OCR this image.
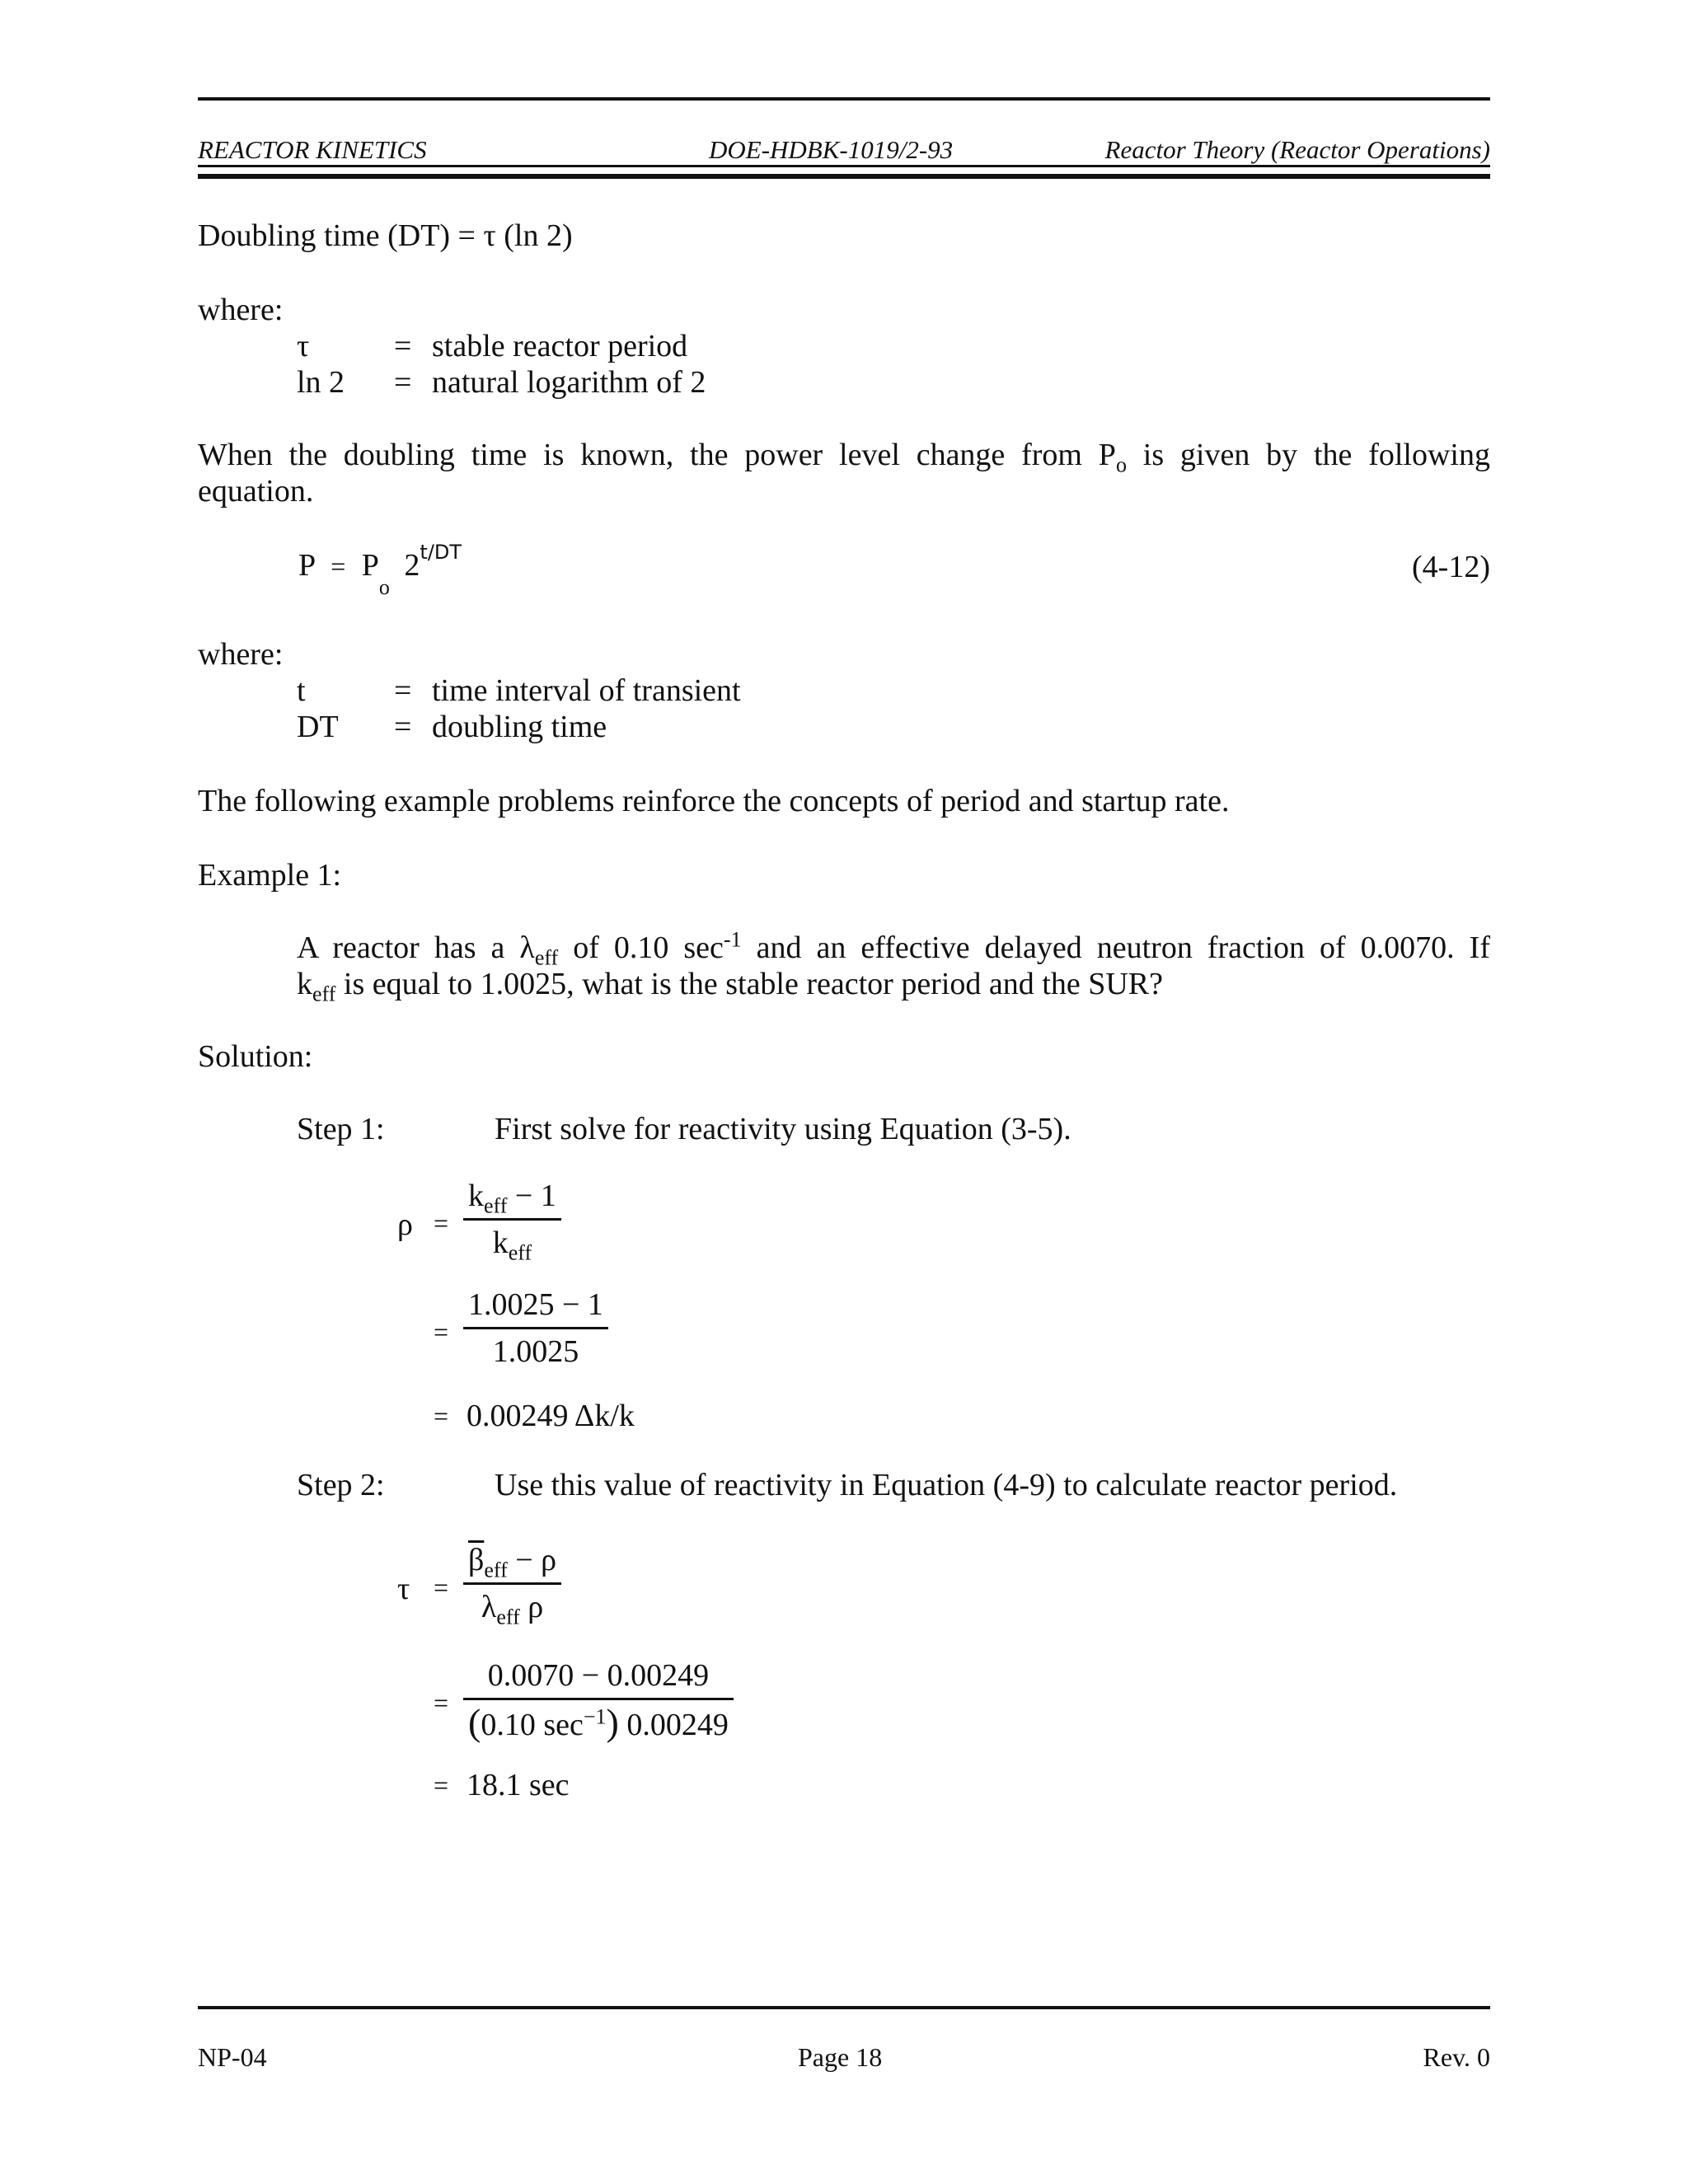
REACTOR KINETICS	DOE-HDBK-1019/2-93	Reactor Theory (Reactor Operations)
Doubling time (DT) = τ (ln 2)
where:
τ	= stable reactor period
ln 2 = natural logarithm of 2
When the doubling time is known, the power level change from $P_o$ is given by the following
equation.
$P = P_o$ $2^{t/DT}$	(4-12)
where:
t	= time interval of transient
DT = doubling time
The following example problems reinforce the concepts of period and startup rate.
Example 1:
A reactor has a $\lambda_{eff}$ of 0.10 $\sec^{-1}$ and an effective delayed neutron fraction of 0.0070. If
$k_{eff}$ is equal to 1.0025, what is the stable reactor period and the SUR?
Solution:
Step 1:	First solve for reactivity using Equation (3-5).
ρ =
$k_{eff} - 1$
$k_{eff}$
=
1.0025 − 1
1.0025
= 0.00249 Δk/k
Step 2:	Use this value of reactivity in Equation (4-9) to calculate reactor period.
τ =
$\overline{\beta}_{eff} - \rho$
$\lambda_{eff}$ ρ
=
0.0070 − 0.00249
(0.10 $\sec^{-1}$) 0.00249
= 18.1 sec
NP-04	Page 18	Rev. 0
